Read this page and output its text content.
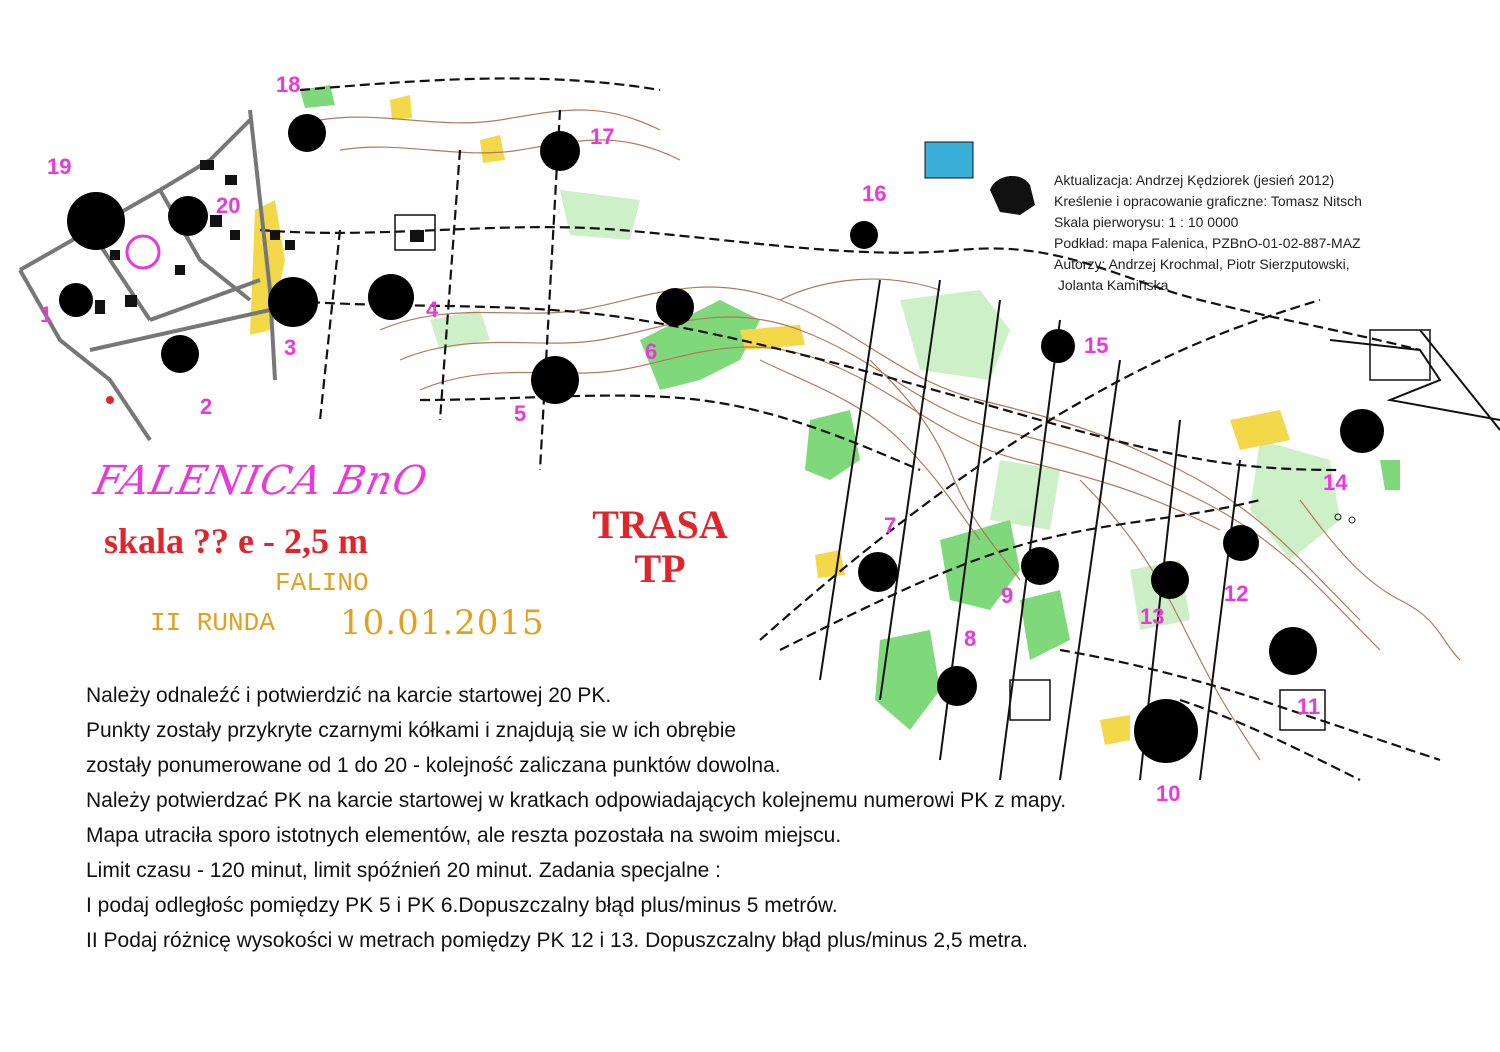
1
2
3
4
5
6
7
8
9
10
11
12
13
14
15
16
17
18
19
20
FALENICA BnO
skala ?? e - 2,5 m
FALINO
II RUNDA 10.01.2015
TRASA
TP
Aktualizacja: Andrzej Kędziorek (jesień 2012)
Kreślenie i opracowanie graficzne: Tomasz Nitsch
Skala pierworysu: 1 : 10 0000
Podkład: mapa Falenica, PZBnO-01-02-887-MAZ
Autorzy: Andrzej Krochmal, Piotr Sierzputowski,
Jolanta Kamińska
Należy odnaleźć i potwierdzić na karcie startowej 20 PK.
Punkty zostały przykryte czarnymi kółkami i znajdują sie w ich obrębie
zostały ponumerowane od 1 do 20 - kolejność zaliczana punktów dowolna.
Należy potwierdzać PK na karcie startowej w kratkach odpowiadających kolejnemu numerowi PK z mapy.
Mapa utraciła sporo istotnych elementów, ale reszta pozostała na swoim miejscu.
Limit czasu - 120 minut, limit spóźnień 20 minut. Zadania specjalne :
I podaj odległośc pomiędzy PK 5 i PK 6.Dopuszczalny błąd plus/minus 5 metrów.
II Podaj różnicę wysokości w metrach pomiędzy PK 12 i 13. Dopuszczalny błąd plus/minus 2,5 metra.
